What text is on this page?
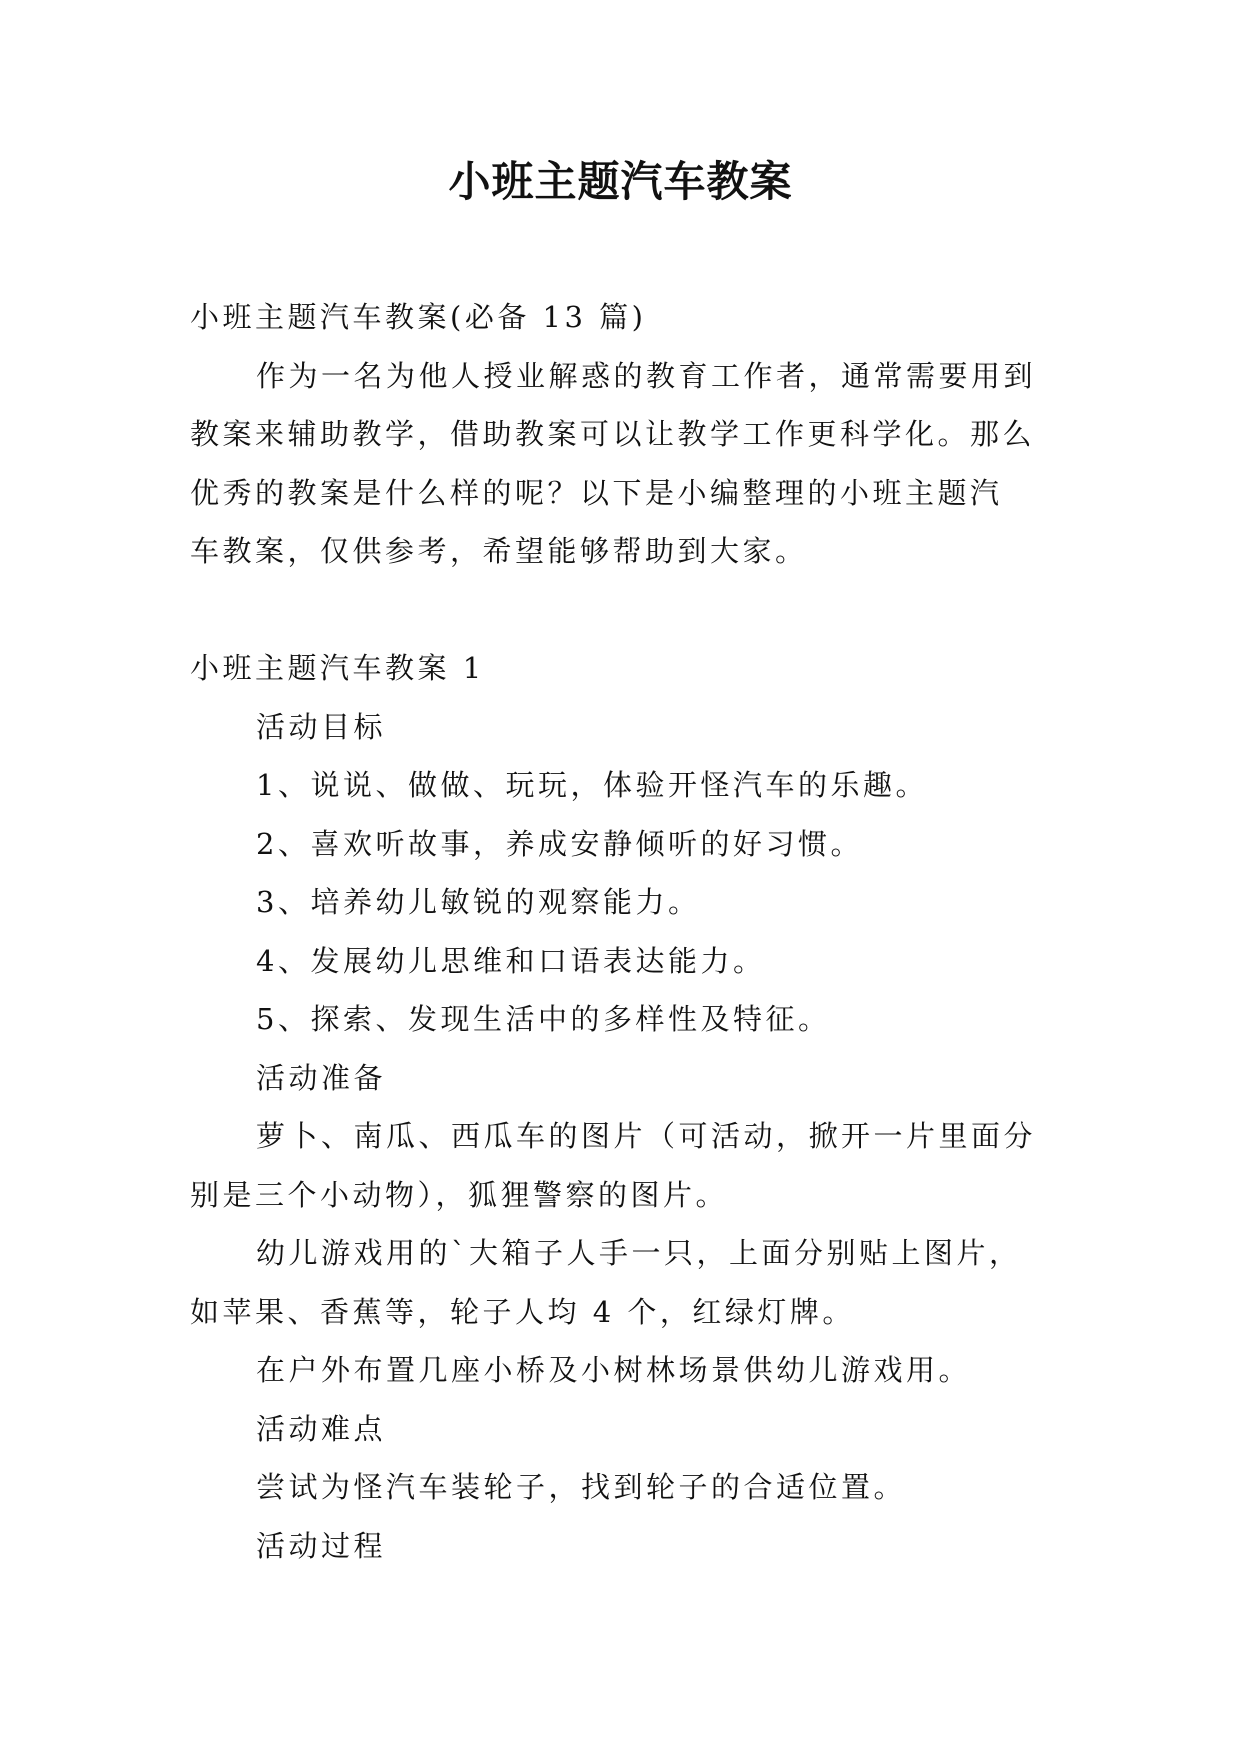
小班主题汽车教案
小班主题汽车教案(必备 13 篇)
作为一名为他人授业解惑的教育工作者，通常需要用到
教案来辅助教学，借助教案可以让教学工作更科学化。那么
优秀的教案是什么样的呢？以下是小编整理的小班主题汽
车教案，仅供参考，希望能够帮助到大家。
小班主题汽车教案 1
活动目标
1、说说、做做、玩玩，体验开怪汽车的乐趣。
2、喜欢听故事，养成安静倾听的好习惯。
3、培养幼儿敏锐的观察能力。
4、发展幼儿思维和口语表达能力。
5、探索、发现生活中的多样性及特征。
活动准备
萝卜、南瓜、西瓜车的图片（可活动，掀开一片里面分
别是三个小动物），狐狸警察的图片。
幼儿游戏用的`大箱子人手一只，上面分别贴上图片，
如苹果、香蕉等，轮子人均 4 个，红绿灯牌。
在户外布置几座小桥及小树林场景供幼儿游戏用。
活动难点
尝试为怪汽车装轮子，找到轮子的合适位置。
活动过程
